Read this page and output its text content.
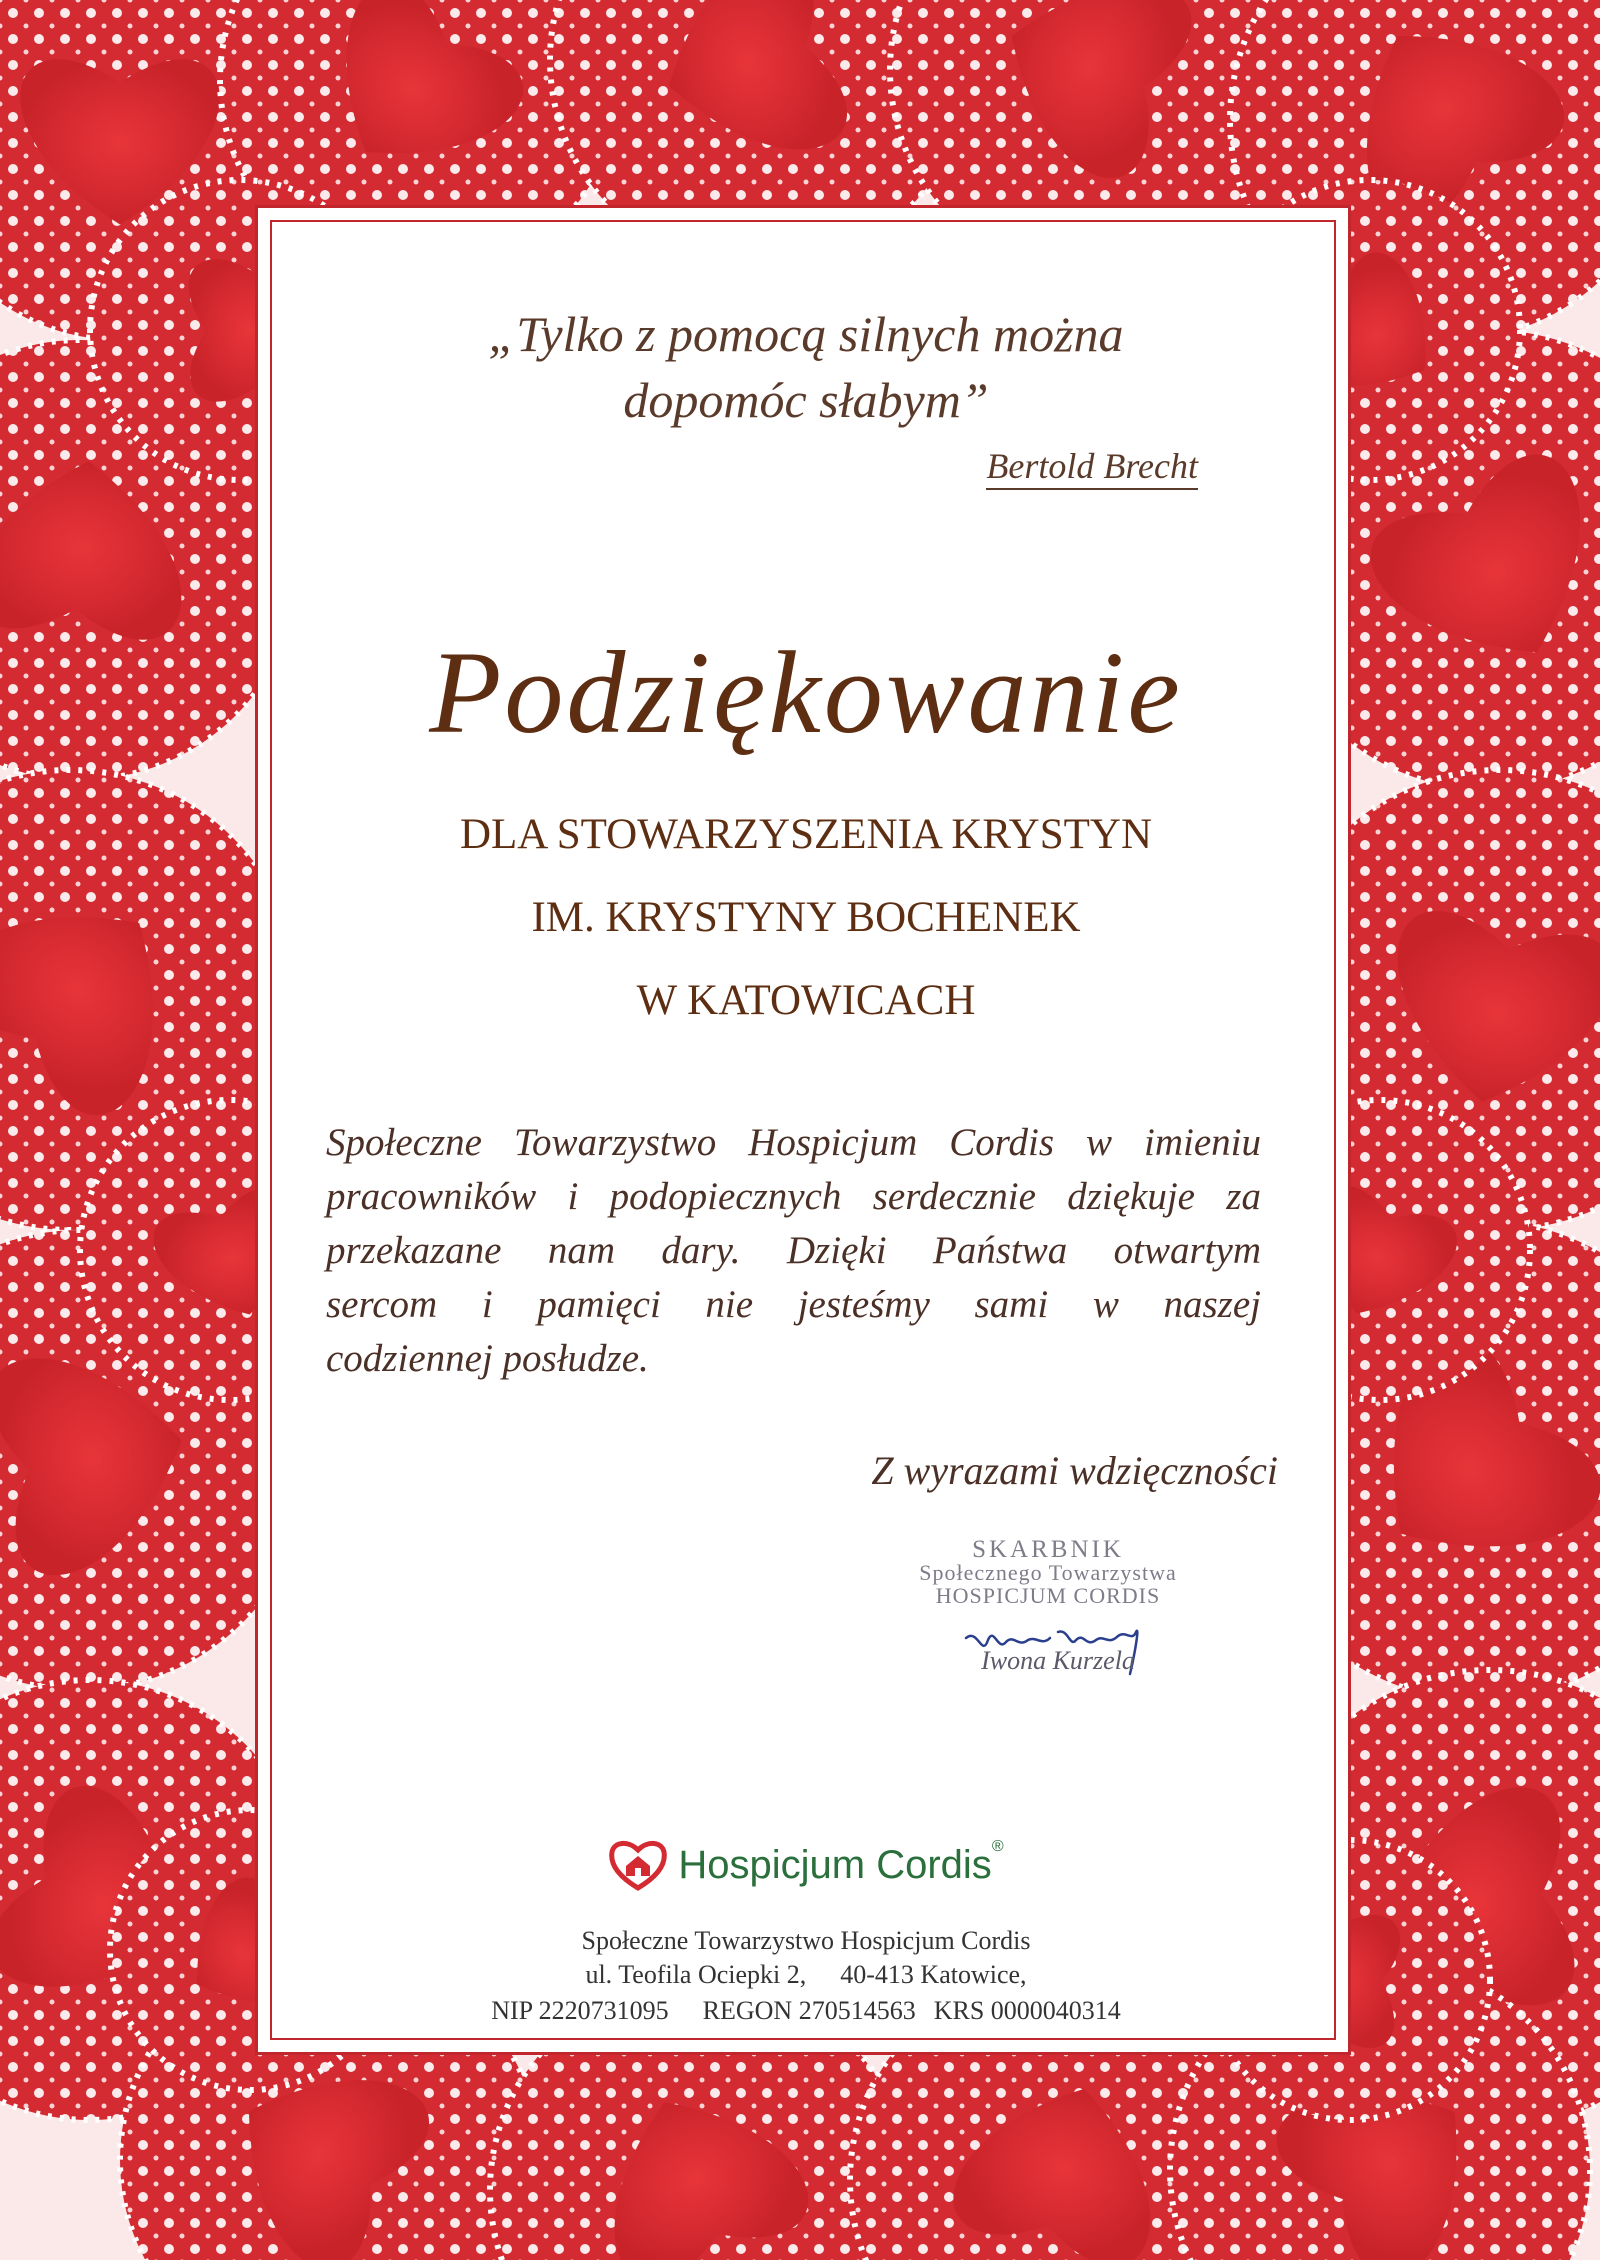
„Tylko z pomocą silnych można
dopomóc słabym”
Bertold Brecht
Podziękowanie
DLA STOWARZYSZENIA KRYSTYN
IM. KRYSTYNY BOCHENEK
W KATOWICACH
Społeczne Towarzystwo Hospicjum Cordis w imieniu
pracowników i podopiecznych serdecznie dziękuje za
przekazane nam dary. Dzięki Państwa otwartym
sercom i pamięci nie jesteśmy sami w naszej
codziennej posłudze.
Z wyrazami wdzięczności
SKARBNIK
Społecznego Towarzystwa
HOSPICJUM CORDIS
Iwona Kurzela
Hospicjum Cordis®
Społeczne Towarzystwo Hospicjum Cordis
ul. Teofila Ociepki 2, 40-413 Katowice,
NIP 2220731095 REGON 270514563 KRS 0000040314
